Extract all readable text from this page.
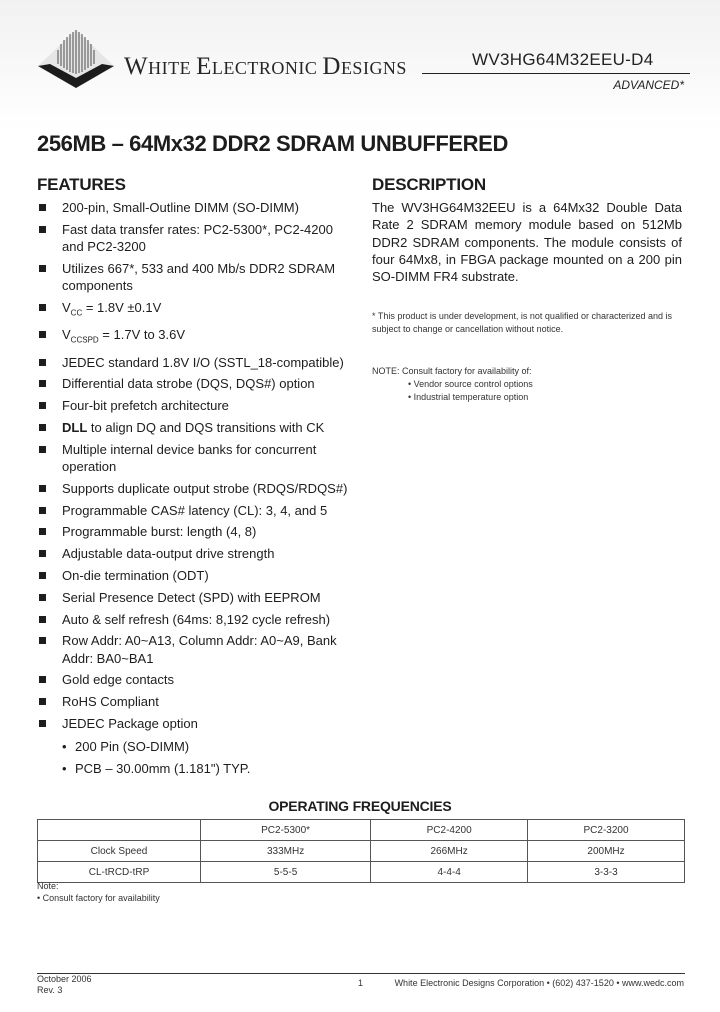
WHITE ELECTRONIC DESIGNS	WV3HG64M32EEU-D4
ADVANCED*
256MB – 64Mx32 DDR2 SDRAM UNBUFFERED
FEATURES	DESCRIPTION
200-pin, Small-Outline DIMM (SO-DIMM)
Fast data transfer rates: PC2-5300*, PC2-4200 and PC2-3200
Utilizes 667*, 533 and 400 Mb/s DDR2 SDRAM components
$V_{CC} = 1.8V \pm 0.1V$
$V_{CCSPD} = 1.7V$ to 3.6V
JEDEC standard 1.8V I/O (SSTL_18-compatible)
Differential data strobe (DQS, DQS#) option
Four-bit prefetch architecture
DLL to align DQ and DQS transitions with CK
Multiple internal device banks for concurrent operation
Supports duplicate output strobe (RDQS/RDQS#)
Programmable CAS# latency (CL): 3, 4, and 5
Programmable burst: length (4, 8)
Adjustable data-output drive strength
On-die termination (ODT)
Serial Presence Detect (SPD) with EEPROM
Auto & self refresh (64ms: 8,192 cycle refresh)
Row Addr: A0~A13, Column Addr: A0~A9, Bank Addr: BA0~BA1
Gold edge contacts
RoHS Compliant
JEDEC Package option
• 200 Pin (SO-DIMM)
• PCB – 30.00mm (1.181") TYP.
The WV3HG64M32EEU is a 64Mx32 Double Data Rate 2 SDRAM memory module based on 512Mb DDR2 SDRAM components. The module consists of four 64Mx8, in FBGA package mounted on a 200 pin SO-DIMM FR4 substrate.
* This product is under development, is not qualified or characterized and is subject to change or cancellation without notice.
NOTE: Consult factory for availability of:
• Vendor source control options
• Industrial temperature option
OPERATING FREQUENCIES
	PC2-5300*	PC2-4200	PC2-3200
Clock Speed	333MHz	266MHz	200MHz
CL-tRCD-tRP	5-5-5	4-4-4	3-3-3
Note:
• Consult factory for availability
October 2006
Rev. 3
1	White Electronic Designs Corporation • (602) 437-1520 • www.wedc.com
